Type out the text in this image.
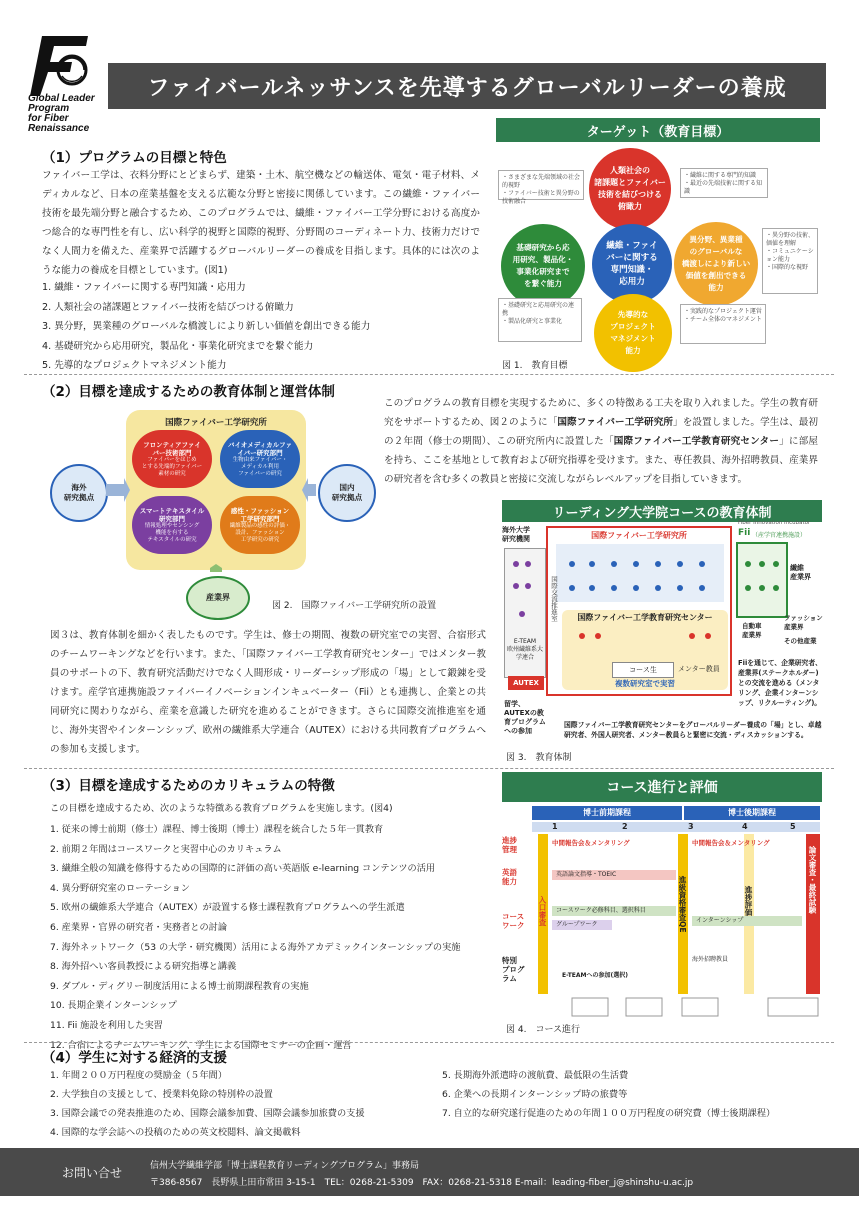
Global Leader
Program
for Fiber
Renaissance
ファイバールネッサンスを先導するグローバルリーダーの養成
（1）プログラムの目標と特色
ファイバー工学は、衣料分野にとどまらず、建築・土木、航空機などの輸送体、電気・電子材料、メディカルなど、日本の産業基盤を支える広範な分野と密接に関係しています。この繊維・ファイバー技術を最先端分野と融合するため、このプログラムでは、繊維・ファイバー工学分野における高度かつ総合的な専門性を有し、広い科学的視野と国際的視野、分野間のコーディネート力、技術力だけでなく人間力を備えた、産業界で活躍するグローバルリーダーの養成を目指します。具体的には次のような能力の養成を目標としています。(図1)
1. 繊維・ファイバーに関する専門知識・応用力
2. 人類社会の諸課題とファイバー技術を結びつける俯瞰力
3. 異分野，異業種のグローバルな橋渡しにより新しい価値を創出できる能力
4. 基礎研究から応用研究，製品化・事業化研究までを繋ぐ能力
5. 先導的なプロジェクトマネジメント能力
ターゲット（教育目標）
人類社会の
諸課題とファイバー
技術を結びつける
俯瞰力
基礎研究から応
用研究、製品化・
事業化研究まで
を繋ぐ能力
繊維・ファイ
バーに関する
専門知識・
応用力
異分野、異業種
のグローバルな
橋渡しにより新しい
価値を創出できる
能力
先導的な
プロジェクト
マネジメント
能力
・さまざまな先端領域の社会的視野
・ファイバー技術と異分野の技術融合
・繊維に関する専門的知識
・最近の先端技術に関する知識
・異分野の技術、価値を理解
・コミュニケーション能力
・国際的な視野
・基礎研究と応用研究の連携
・製品化研究と事業化
・実践的なプロジェクト運営
・チーム全体のマネジメント
図 1.　教育目標
（2）目標を達成するための教育体制と運営体制
国際ファイバー工学研究所
フロンティアファイ
バー技術部門
ファイバーをはじめ
とする先端的ファイバー
素材の研究
バイオメディカルファ
イバー研究部門
生物由来ファイバー・
メディカル利用
ファイバーの研究
スマートテキスタイル
研究部門
情報処理やセンシング
機能を有する
テキスタイルの研究
感性・ファッション
工学研究部門
繊維製品の感性の評価・
設計、ファッション
工学研究の研究
海外
研究拠点
国内
研究拠点
産業界
図 2.　国際ファイバー工学研究所の設置
このプログラムの教育目標を実現するために、多くの特徴ある工夫を取り入れました。学生の教育研究をサポートするため、図２のように「国際ファイバー工学研究所」を設置しました。学生は、最初の２年間（修士の期間）、この研究所内に設置した「国際ファイバー工学教育研究センター」に部屋を持ち、ここを基地として教育および研究指導を受けます。また、専任教員、海外招聘教員、産業界の研究者を含む多くの教員と密接に交流しながらレベルアップを目指していきます。
図３は、教育体制を細かく表したものです。学生は、修士の期間、複数の研究室での実習、合宿形式のチームワーキングなどを行います。また、「国際ファイバー工学教育研究センター」ではメンター教員のサポートの下、教育研究活動だけでなく人間形成・リーダーシップ形成の「場」として鍛錬を受けます。産学官連携施設ファイバーイノベーションインキュベーター（Fii）とも連携し、企業との共同研究に関わりながら、産業を意識した研究を進めることができます。さらに国際交流推進室を通じ、海外実習やインターンシップ、欧州の繊維系大学連合（AUTEX）における共同教育プログラムへの参加も支援します。
リーディング大学院コースの教育体制
海外大学
研究機関	国際ファイバー工学研究所
国際交流推進室	国際ファイバー工学教育研究センター
コース生	メンター教員
複数研究室で実習
E-TEAM
欧州繊維系大学連合
AUTEX
留学、
AUTEXの教
育プログラム
への参加
Fiber Innovation Incubator
Fii （産学官連携施設）
繊維
産業界
自動車
産業界
ファッション
産業界
その他産業
Fiiを通じて、企業研究者、産業界(ステークホルダー)との交流を進める（メンタリング、企業インターンシップ、リクルーティング)。
国際ファイバー工学教育研究センターをグローバルリーダー養成の「場」とし、卓越研究者、外国人研究者、メンター教員らと緊密に交流・ディスカッションする。
図 3.　教育体制
（3）目標を達成するためのカリキュラムの特徴
この目標を達成するため、次のような特徴ある教育プログラムを実施します。(図4)
1. 従来の博士前期（修士）課程、博士後期（博士）課程を統合した５年一貫教育
2. 前期２年間はコースワークと実習中心のカリキュラム
3. 繊維全般の知識を修得するための国際的に評価の高い英語版 e-learning コンテンツの活用
4. 異分野研究室のローテーション
5. 欧州の繊維系大学連合（AUTEX）が設置する修士課程教育プログラムへの学生派遣
6. 産業界・官界の研究者・実務者との討論
7. 海外ネットワーク（53 の大学・研究機関）活用による海外アカデミックインターンシップの実施
8. 海外招へい客員教授による研究指導と講義
9. ダブル・ディグリー制度活用による博士前期課程教育の実施
10. 長期企業インターンシップ
11. Fii 施設を利用した実習
12. 合宿によるチームワーキング、学生による国際セミナーの企画・運営
コース進行と評価
博士前期課程	博士後期課程
1	2	3	4	5
進捗
管理
英語
能力
コース
ワーク
特別
プログ
ラム
入口審査	進級資格審査QE	進捗評価	論文審査・最終試験
中間報告会＆メンタリング	中間報告会＆メンタリング
英語論文指導・TOEIC
コースワーク必修科目、選択科目
グループワーク
E-TEAMへの参加(選択)
海外招聘教員
インターンシップ
図 4.　コース進行
（4）学生に対する経済的支援
1. 年間２００万円程度の奨励金（５年間）
2. 大学独自の支援として、授業料免除の特別枠の設置
3. 国際会議での発表推進のため、国際会議参加費、国際会議参加旅費の支援
4. 国際的な学会誌への投稿のための英文校閲料、論文掲載料
5. 長期海外派遣時の渡航費、最低限の生活費
6. 企業への長期インターンシップ時の旅費等
7. 自立的な研究遂行促進のための年間１００万円程度の研究費（博士後期課程）
お問い合せ	信州大学繊維学部「博士課程教育リーディングプログラム」事務局
〒386-8567　長野県上田市常田 3-15-1　TEL：0268-21-5309　FAX：0268-21-5318 E-mail：leading-fiber_j@shinshu-u.ac.jp
